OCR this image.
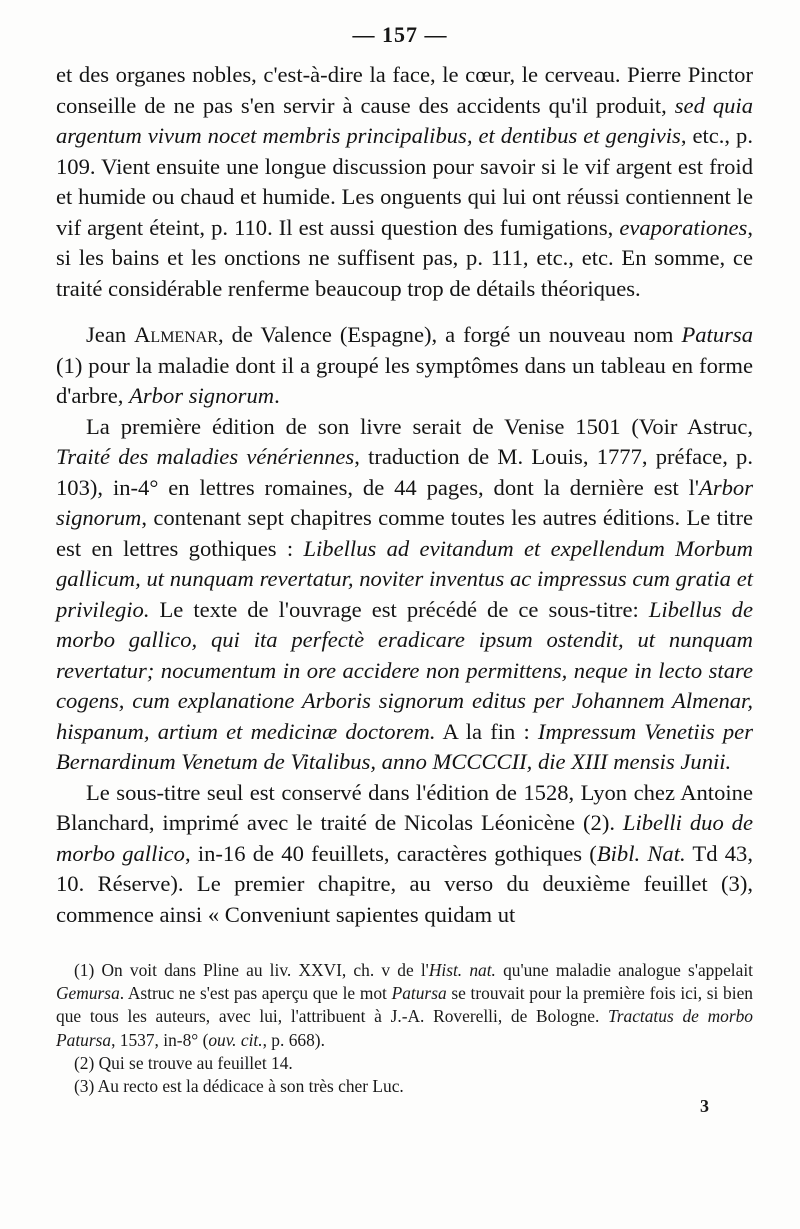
— 157 —

et des organes nobles, c'est-à-dire la face, le cœur, le cerveau. Pierre Pinctor conseille de ne pas s'en servir à cause des accidents qu'il produit, sed quia argentum vivum nocet membris principalibus, et dentibus et gengivis, etc., p. 109. Vient ensuite une longue discussion pour savoir si le vif argent est froid et humide ou chaud et humide. Les onguents qui lui ont réussi contiennent le vif argent éteint, p. 110. Il est aussi question des fumigations, evaporationes, si les bains et les onctions ne suffisent pas, p. 111, etc., etc. En somme, ce traité considérable renferme beaucoup trop de détails théoriques.

Jean Almenar, de Valence (Espagne), a forgé un nouveau nom Patursa (1) pour la maladie dont il a groupé les symptômes dans un tableau en forme d'arbre, Arbor signorum.

La première édition de son livre serait de Venise 1501 (Voir Astruc, Traité des maladies vénériennes, traduction de M. Louis, 1777, préface, p. 103), in-4° en lettres romaines, de 44 pages, dont la dernière est l'Arbor signorum, contenant sept chapitres comme toutes les autres éditions. Le titre est en lettres gothiques : Libellus ad evitandum et expellendum Morbum gallicum, ut nunquam revertatur, noviter inventus ac impressus cum gratia et privilegio. Le texte de l'ouvrage est précédé de ce sous-titre: Libellus de morbo gallico, qui ita perfectè eradicare ipsum ostendit, ut nunquam revertatur; nocumentum in ore accidere non permittens, neque in lecto stare cogens, cum explanatione Arboris signorum editus per Johannem Almenar, hispanum, artium et medicinæ doctorem. A la fin : Impressum Venetiis per Bernardinum Venetum de Vitalibus, anno MCCCCII, die XIII mensis Junii.

Le sous-titre seul est conservé dans l'édition de 1528, Lyon chez Antoine Blanchard, imprimé avec le traité de Nicolas Léonicène (2). Libelli duo de morbo gallico, in-16 de 40 feuillets, caractères gothiques (Bibl. Nat. Td 43, 10. Réserve). Le premier chapitre, au verso du deuxième feuillet (3), commence ainsi « Conveniunt sapientes quidam ut

(1) On voit dans Pline au liv. XXVI, ch. v de l'Hist. nat. qu'une maladie analogue s'appelait Gemursa. Astruc ne s'est pas aperçu que le mot Patursa se trouvait pour la première fois ici, si bien que tous les auteurs, avec lui, l'attribuent à J.-A. Roverelli, de Bologne. Tractatus de morbo Patursa, 1537, in-8° (ouv. cit., p. 668).

(2) Qui se trouve au feuillet 14.

(3) Au recto est la dédicace à son très cher Luc.

3
